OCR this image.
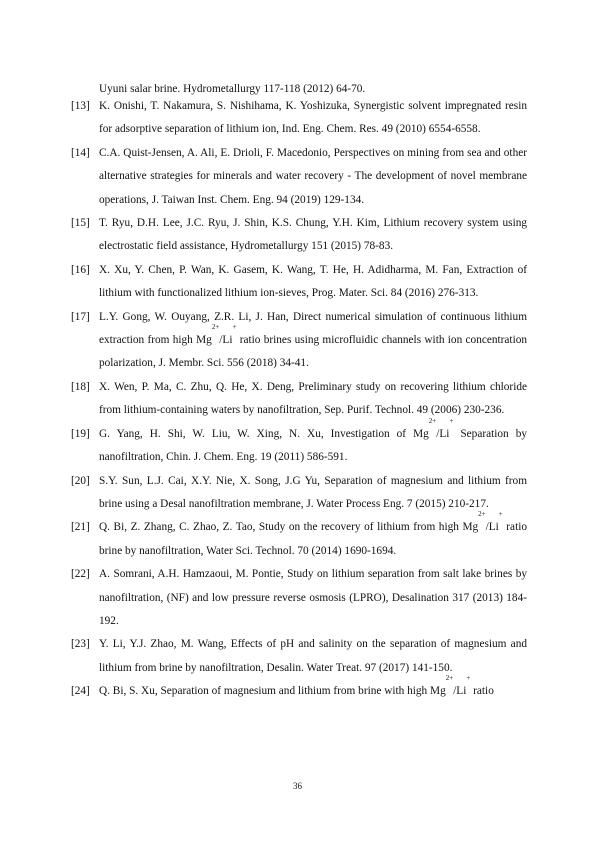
Uyuni salar brine. Hydrometallurgy 117-118 (2012) 64-70.
[13] K. Onishi, T. Nakamura, S. Nishihama, K. Yoshizuka, Synergistic solvent impregnated resin for adsorptive separation of lithium ion, Ind. Eng. Chem. Res. 49 (2010) 6554-6558.
[14] C.A. Quist-Jensen, A. Ali, E. Drioli, F. Macedonio, Perspectives on mining from sea and other alternative strategies for minerals and water recovery - The development of novel membrane operations, J. Taiwan Inst. Chem. Eng. 94 (2019) 129-134.
[15] T. Ryu, D.H. Lee, J.C. Ryu, J. Shin, K.S. Chung, Y.H. Kim, Lithium recovery system using electrostatic field assistance, Hydrometallurgy 151 (2015) 78-83.
[16] X. Xu, Y. Chen, P. Wan, K. Gasem, K. Wang, T. He, H. Adidharma, M. Fan, Extraction of lithium with functionalized lithium ion-sieves, Prog. Mater. Sci. 84 (2016) 276-313.
[17] L.Y. Gong, W. Ouyang, Z.R. Li, J. Han, Direct numerical simulation of continuous lithium extraction from high $Mg^{2+}/Li^+$ ratio brines using microfluidic channels with ion concentration polarization, J. Membr. Sci. 556 (2018) 34-41.
[18] X. Wen, P. Ma, C. Zhu, Q. He, X. Deng, Preliminary study on recovering lithium chloride from lithium-containing waters by nanofiltration, Sep. Purif. Technol. 49 (2006) 230-236.
[19] G. Yang, H. Shi, W. Liu, W. Xing, N. Xu, Investigation of $Mg^{2+}/Li^+$ Separation by nanofiltration, Chin. J. Chem. Eng. 19 (2011) 586-591.
[20] S.Y. Sun, L.J. Cai, X.Y. Nie, X. Song, J.G Yu, Separation of magnesium and lithium from brine using a Desal nanofiltration membrane, J. Water Process Eng. 7 (2015) 210-217.
[21] Q. Bi, Z. Zhang, C. Zhao, Z. Tao, Study on the recovery of lithium from high $Mg^{2+}/Li^+$ ratio brine by nanofiltration, Water Sci. Technol. 70 (2014) 1690-1694.
[22] A. Somrani, A.H. Hamzaoui, M. Pontie, Study on lithium separation from salt lake brines by nanofiltration, (NF) and low pressure reverse osmosis (LPRO), Desalination 317 (2013) 184-192.
[23] Y. Li, Y.J. Zhao, M. Wang, Effects of pH and salinity on the separation of magnesium and lithium from brine by nanofiltration, Desalin. Water Treat. 97 (2017) 141-150.
[24] Q. Bi, S. Xu, Separation of magnesium and lithium from brine with high $Mg^{2+}/Li^+$ ratio
36
